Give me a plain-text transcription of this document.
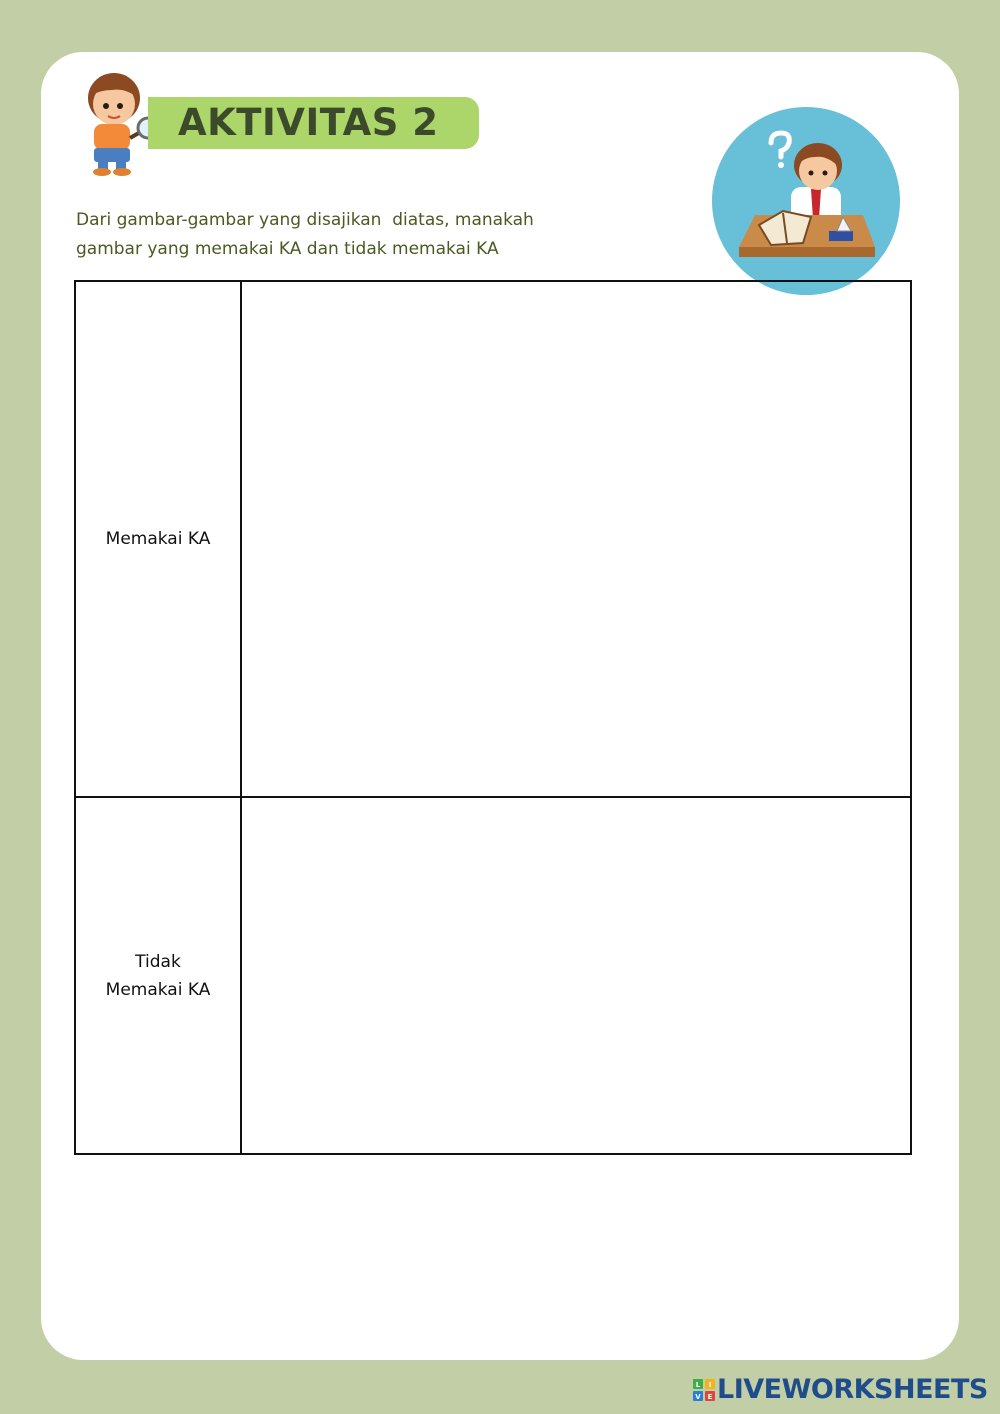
AKTIVITAS 2
Dari gambar-gambar yang disajikan  diatas, manakah
gambar yang memakai KA dan tidak memakai KA
Memakai KA	

Tidak
Memakai KA	

L I
V E LIVEWORKSHEETS
